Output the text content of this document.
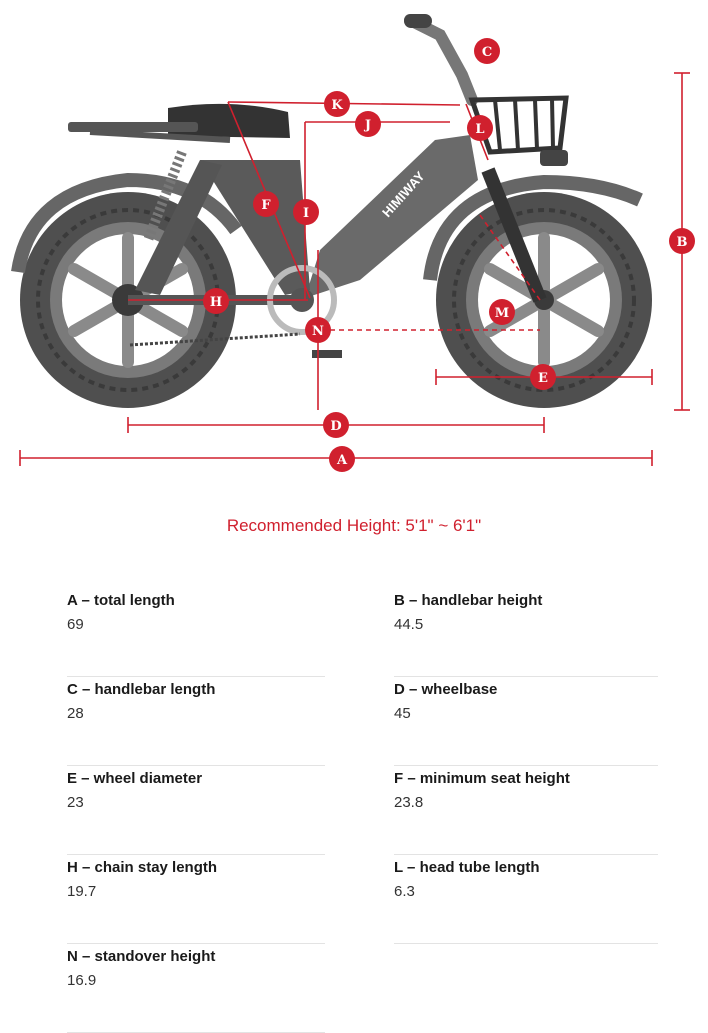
HIMIWAY
A
B
C
D
E
F
H
I
J
K
L
M
N
Recommended Height: 5'1" ~ 6'1"
A – total length
69
B – handlebar height
44.5
C – handlebar length
28
D – wheelbase
45
E – wheel diameter
23
F – minimum seat height
23.8
H – chain stay length
19.7
L – head tube length
6.3
N – standover height
16.9
